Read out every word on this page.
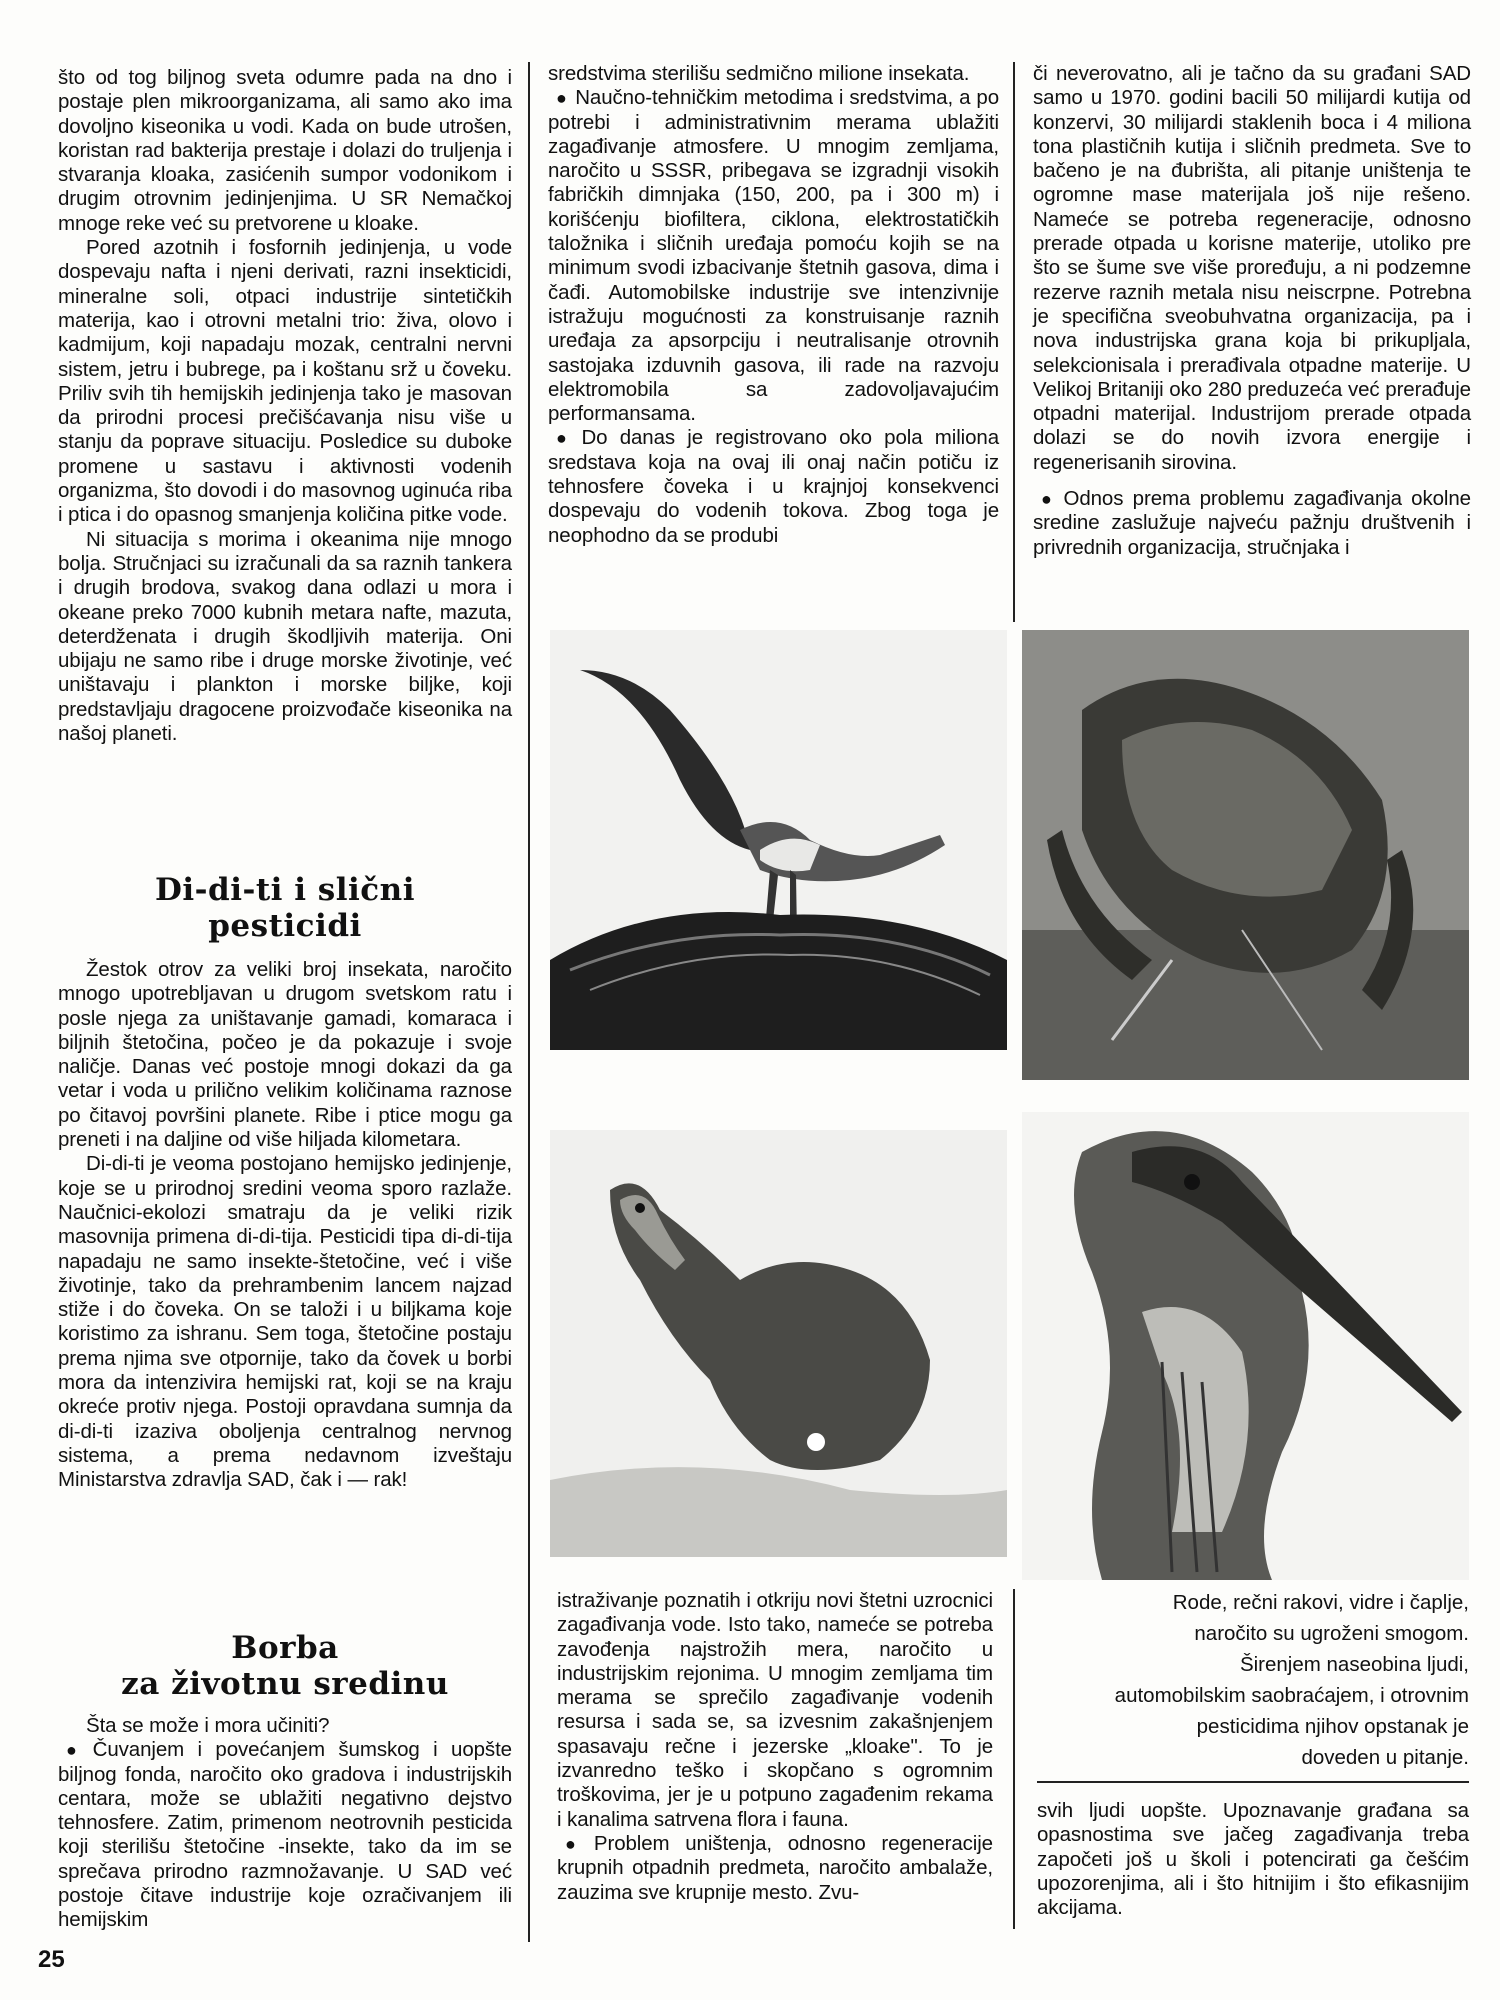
što od tog biljnog sveta odumre pada na dno i postaje plen mikroorganizama, ali samo ako ima dovoljno kiseonika u vodi. Kada on bude utrošen, koristan rad bakterija prestaje i dolazi do truljenja i stvaranja kloaka, zasićenih sumpor vodonikom i drugim otrovnim jedinjenjima. U SR Nemačkoj mnoge reke već su pretvorene u kloake.

Pored azotnih i fosfornih jedinjenja, u vode dospevaju nafta i njeni derivati, razni insekticidi, mineralne soli, otpaci industrije sintetičkih materija, kao i otrovni metalni trio: živa, olovo i kadmijum, koji napadaju mozak, centralni nervni sistem, jetru i bubrege, pa i koštanu srž u čoveku. Priliv svih tih hemijskih jedinjenja tako je masovan da prirodni procesi prečišćavanja nisu više u stanju da poprave situaciju. Posledice su duboke promene u sastavu i aktivnosti vodenih organizma, što dovodi i do masovnog uginuća riba i ptica i do opasnog smanjenja količina pitke vode.

Ni situacija s morima i okeanima nije mnogo bolja. Stručnjaci su izračunali da sa raznih tankera i drugih brodova, svakog dana odlazi u mora i okeane preko 7000 kubnih metara nafte, mazuta, deterdženata i drugih škodljivih materija. Oni ubijaju ne samo ribe i druge morske životinje, već uništavaju i plankton i morske biljke, koji predstavljaju dragocene proizvođače kiseonika na našoj planeti.

Di-di-ti i slični
pesticidi

Žestok otrov za veliki broj insekata, naročito mnogo upotrebljavan u drugom svetskom ratu i posle njega za uništavanje gamadi, komaraca i biljnih štetočina, počeo je da pokazuje i svoje naličje. Danas već postoje mnogi dokazi da ga vetar i voda u prilično velikim količinama raznose po čitavoj površini planete. Ribe i ptice mogu ga preneti i na daljine od više hiljada kilometara.

Di-di-ti je veoma postojano hemijsko jedinjenje, koje se u prirodnoj sredini veoma sporo razlaže. Naučnici-ekolozi smatraju da je veliki rizik masovnija primena di-di-tija. Pesticidi tipa di-di-tija napadaju ne samo insekte-štetočine, već i više životinje, tako da prehrambenim lancem najzad stiže i do čoveka. On se taloži i u biljkama koje koristimo za ishranu. Sem toga, štetočine postaju prema njima sve otpornije, tako da čovek u borbi mora da intenzivira hemijski rat, koji se na kraju okreće protiv njega. Postoji opravdana sumnja da di-di-ti izaziva oboljenja centralnog nervnog sistema, a prema nedavnom izveštaju Ministarstva zdravlja SAD, čak i — rak!

Borba
za životnu sredinu

Šta se može i mora učiniti?

● Čuvanjem i povećanjem šumskog i uopšte biljnog fonda, naročito oko gradova i industrijskih centara, može se ublažiti negativno dejstvo tehnosfere. Zatim, primenom neotrovnih pesticida koji sterilišu štetočine -insekte, tako da im se sprečava prirodno razmnožavanje. U SAD već postoje čitave industrije koje ozračivanjem ili hemijskim

sredstvima sterilišu sedmično milione insekata.

● Naučno-tehničkim metodima i sredstvima, a po potrebi i administrativnim merama ublažiti zagađivanje atmosfere. U mnogim zemljama, naročito u SSSR, pribegava se izgradnji visokih fabričkih dimnjaka (150, 200, pa i 300 m) i korišćenju biofiltera, ciklona, elektrostatičkih taložnika i sličnih uređaja pomoću kojih se na minimum svodi izbacivanje štetnih gasova, dima i čađi. Automobilske industrije sve intenzivnije istražuju mogućnosti za konstruisanje raznih uređaja za apsorpciju i neutralisanje otrovnih sastojaka izduvnih gasova, ili rade na razvoju elektromobila sa zadovoljavajućim performansama.

● Do danas je registrovano oko pola miliona sredstava koja na ovaj ili onaj način potiču iz tehnosfere čoveka i u krajnjoj konsekvenci dospevaju do vodenih tokova. Zbog toga je neophodno da se produbi

či neverovatno, ali je tačno da su građani SAD samo u 1970. godini bacili 50 milijardi kutija od konzervi, 30 milijardi staklenih boca i 4 miliona tona plastičnih kutija i sličnih predmeta. Sve to bačeno je na đubrišta, ali pitanje uništenja te ogromne mase materijala još nije rešeno. Nameće se potreba regeneracije, odnosno prerade otpada u korisne materije, utoliko pre što se šume sve više proređuju, a ni podzemne rezerve raznih metala nisu neiscrpne. Potrebna je specifična sveobuhvatna organizacija, pa i nova industrijska grana koja bi prikupljala, selekcionisala i prerađivala otpadne materije. U Velikoj Britaniji oko 280 preduzeća već prerađuje otpadni materijal. Industrijom prerade otpada dolazi se do novih izvora energije i regenerisanih sirovina.

● Odnos prema problemu zagađivanja okolne sredine zaslužuje najveću pažnju društvenih i privrednih organizacija, stručnjaka i

istraživanje poznatih i otkriju novi štetni uzrocnici zagađivanja vode. Isto tako, nameće se potreba zavođenja najstrožih mera, naročito u industrijskim rejonima. U mnogim zemljama tim merama se sprečilo zagađivanje vodenih resursa i sada se, sa izvesnim zakašnjenjem spasavaju rečne i jezerske „kloake". To je izvanredno teško i skopčano s ogromnim troškovima, jer je u potpuno zagađenim rekama i kanalima satrvena flora i fauna.

● Problem uništenja, odnosno regeneracije krupnih otpadnih predmeta, naročito ambalaže, zauzima sve krupnije mesto. Zvu-

Rode, rečni rakovi, vidre i čaplje,
naročito su ugroženi smogom.
Širenjem naseobina ljudi,
automobilskim saobraćajem, i otrovnim
pesticidima njihov opstanak je
doveden u pitanje.

svih ljudi uopšte. Upoznavanje građana sa opasnostima sve jačeg zagađivanja treba započeti još u školi i potencirati ga češćim upozorenjima, ali i što hitnijim i što efikasnijim akcijama.

25
